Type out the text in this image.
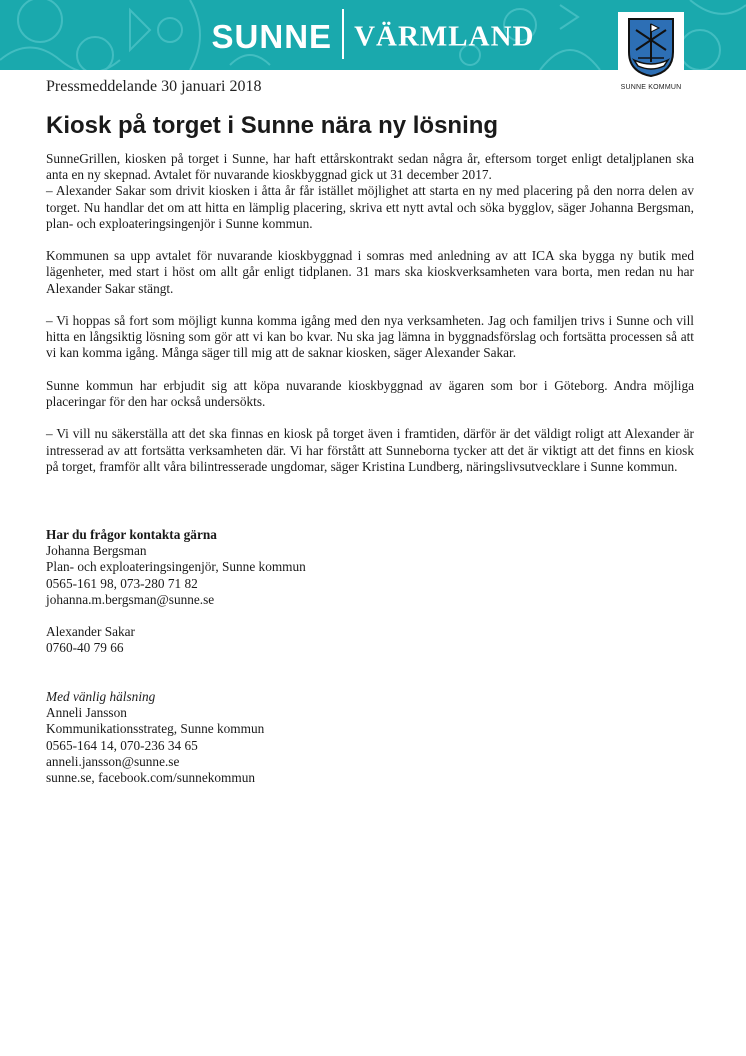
SUNNE VÄRMLAND
SUNNE KOMMUN
Pressmeddelande 30 januari 2018
Kiosk på torget i Sunne nära ny lösning

SunneGrillen, kiosken på torget i Sunne, har haft ettårskontrakt sedan några år, eftersom torget enligt detaljplanen ska anta en ny skepnad. Avtalet för nuvarande kioskbyggnad gick ut 31 december 2017.
– Alexander Sakar som drivit kiosken i åtta år får istället möjlighet att starta en ny med placering på den norra delen av torget. Nu handlar det om att hitta en lämplig placering, skriva ett nytt avtal och söka bygglov, säger Johanna Bergsman, plan- och exploateringsingenjör i Sunne kommun.

Kommunen sa upp avtalet för nuvarande kioskbyggnad i somras med anledning av att ICA ska bygga ny butik med lägenheter, med start i höst om allt går enligt tidplanen. 31 mars ska kioskverksamheten vara borta, men redan nu har Alexander Sakar stängt.

– Vi hoppas så fort som möjligt kunna komma igång med den nya verksamheten. Jag och familjen trivs i Sunne och vill hitta en långsiktig lösning som gör att vi kan bo kvar. Nu ska jag lämna in byggnadsförslag och fortsätta processen så att vi kan komma igång. Många säger till mig att de saknar kiosken, säger Alexander Sakar.

Sunne kommun har erbjudit sig att köpa nuvarande kioskbyggnad av ägaren som bor i Göteborg. Andra möjliga placeringar för den har också undersökts.

– Vi vill nu säkerställa att det ska finnas en kiosk på torget även i framtiden, därför är det väldigt roligt att Alexander är intresserad av att fortsätta verksamheten där. Vi har förstått att Sunneborna tycker att det är viktigt att det finns en kiosk på torget, framför allt våra bilintresserade ungdomar, säger Kristina Lundberg, näringslivsutvecklare i Sunne kommun.

Har du frågor kontakta gärna
Johanna Bergsman
Plan- och exploateringsingenjör, Sunne kommun
0565-161 98, 073-280 71 82
johanna.m.bergsman@sunne.se
Alexander Sakar
0760-40 79 66
Med vänlig hälsning
Anneli Jansson
Kommunikationsstrateg, Sunne kommun
0565-164 14, 070-236 34 65
anneli.jansson@sunne.se
sunne.se, facebook.com/sunnekommun
